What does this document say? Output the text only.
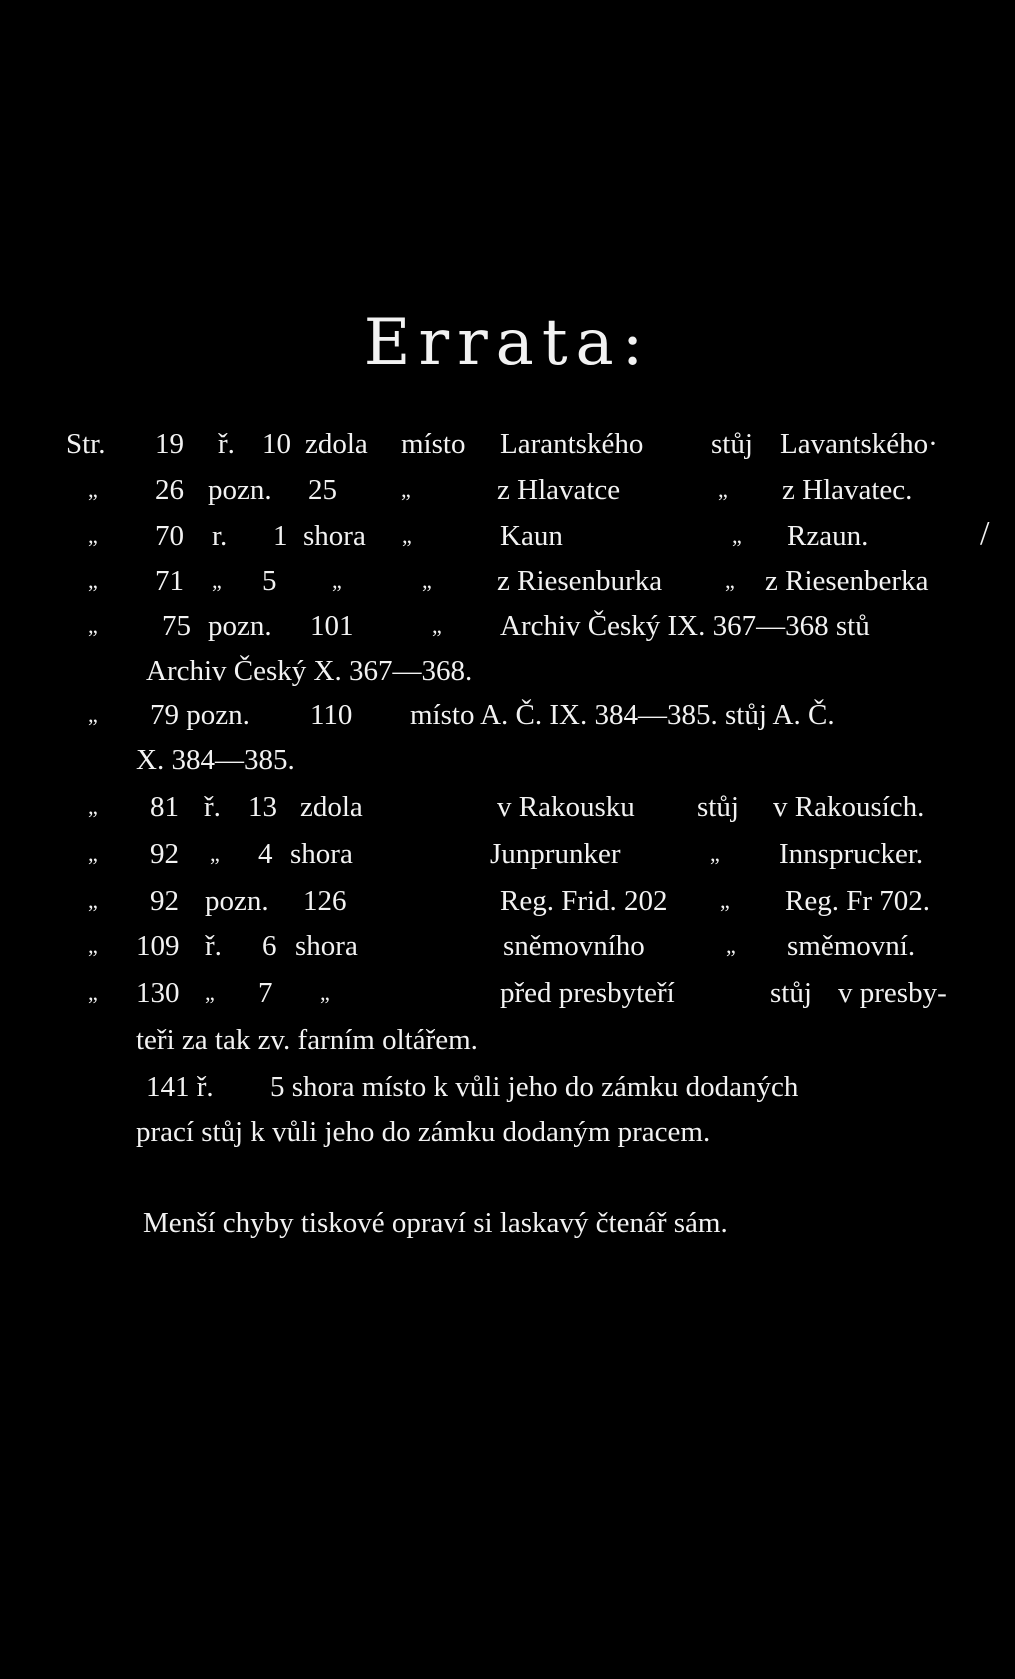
Errata:
Str. 19 ř. 10 zdola místo Larantského stůj Lavantského·
„ 26 pozn. 25	„	z Hlavatce	„ z Hlavatec.
„ 70 r. 1 shora „	Kaun	„ Rzaun.	/
„ 71 „ 5	„	„ z Riesenburka	„ z Riesenberka
„ 75 pozn. 101	„ Archiv Český IX. 367—368 stů
Archiv Český X. 367—368.
„ 79 pozn. 110 místo A. Č. IX. 384—385. stůj A. Č.
X. 384—385.
„ 81 ř. 13 zdola	v Rakousku stůj v Rakousích.
„ 92 „ 4 shora	Junprunker	„ Innsprucker.
„ 92 pozn. 126	Reg. Frid. 202 „ Reg. Fr 702.
„ 109 ř. 6 shora	sněmovního	„ směmovní.
„ 130 „ 7 „	před presbyteří	stůj v presby-
teři za tak zv. farním oltářem.
141 ř. 5 shora místo k vůli jeho do zámku dodaných
prací stůj k vůli jeho do zámku dodaným pracem.
Menší chyby tiskové opraví si laskavý čtenář sám.
